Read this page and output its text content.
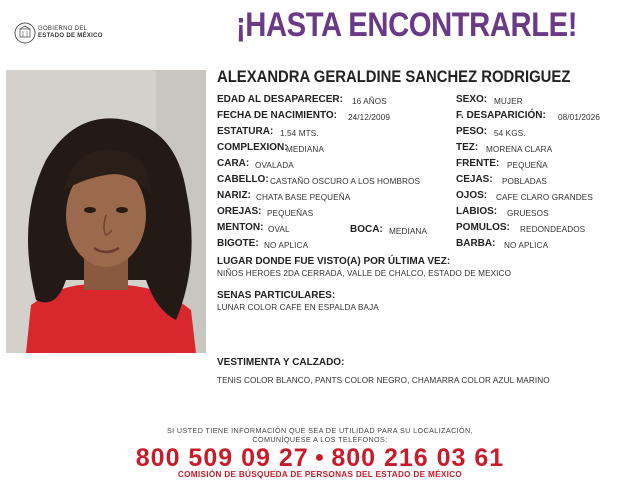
GOBIERNO DEL
ESTADO DE MÉXICO	¡HASTA ENCONTRARLE!
ALEXANDRA GERALDINE SANCHEZ RODRIGUEZ
EDAD AL DESAPARECER: 16 AÑOS
FECHA DE NACIMIENTO: 24/12/2009
ESTATURA: 1.54 MTS.
COMPLEXION:
MEDIANA
CARA: OVALADA
CABELLO: CASTAÑO OSCURO A LOS HOMBROS
NARIZ: CHATA BASE PEQUEÑA
OREJAS: PEQUEÑAS
MENTON: OVAL	BOCA: MEDIANA
BIGOTE: NO APLICA
SEXO: MUJER
F. DESAPARICIÓN: 08/01/2026
PESO: 54 KGS.
TEZ: MORENA CLARA
FRENTE: PEQUEÑA
CEJAS: POBLADAS
OJOS: CAFE CLARO GRANDES
LABIOS: GRUESOS
POMULOS: REDONDEADOS
BARBA: NO APLICA
LUGAR DONDE FUE VISTO(A) POR ÚLTIMA VEZ:
NIÑOS HEROES 2DA CERRADA, VALLE DE CHALCO, ESTADO DE MEXICO
SENAS PARTICULARES:
LUNAR COLOR CAFE EN ESPALDA BAJA
VESTIMENTA Y CALZADO:
TENIS COLOR BLANCO, PANTS COLOR NEGRO, CHAMARRA COLOR AZUL MARINO
SI USTED TIENE INFORMACIÓN QUE SEA DE UTILIDAD PARA SU LOCALIZACIÓN,
COMUNÍQUESE A LOS TELÉFONOS:
800 509 09 27 ● 800 216 03 61
COMISIÓN DE BÚSQUEDA DE PERSONAS DEL ESTADO DE MÉXICO
